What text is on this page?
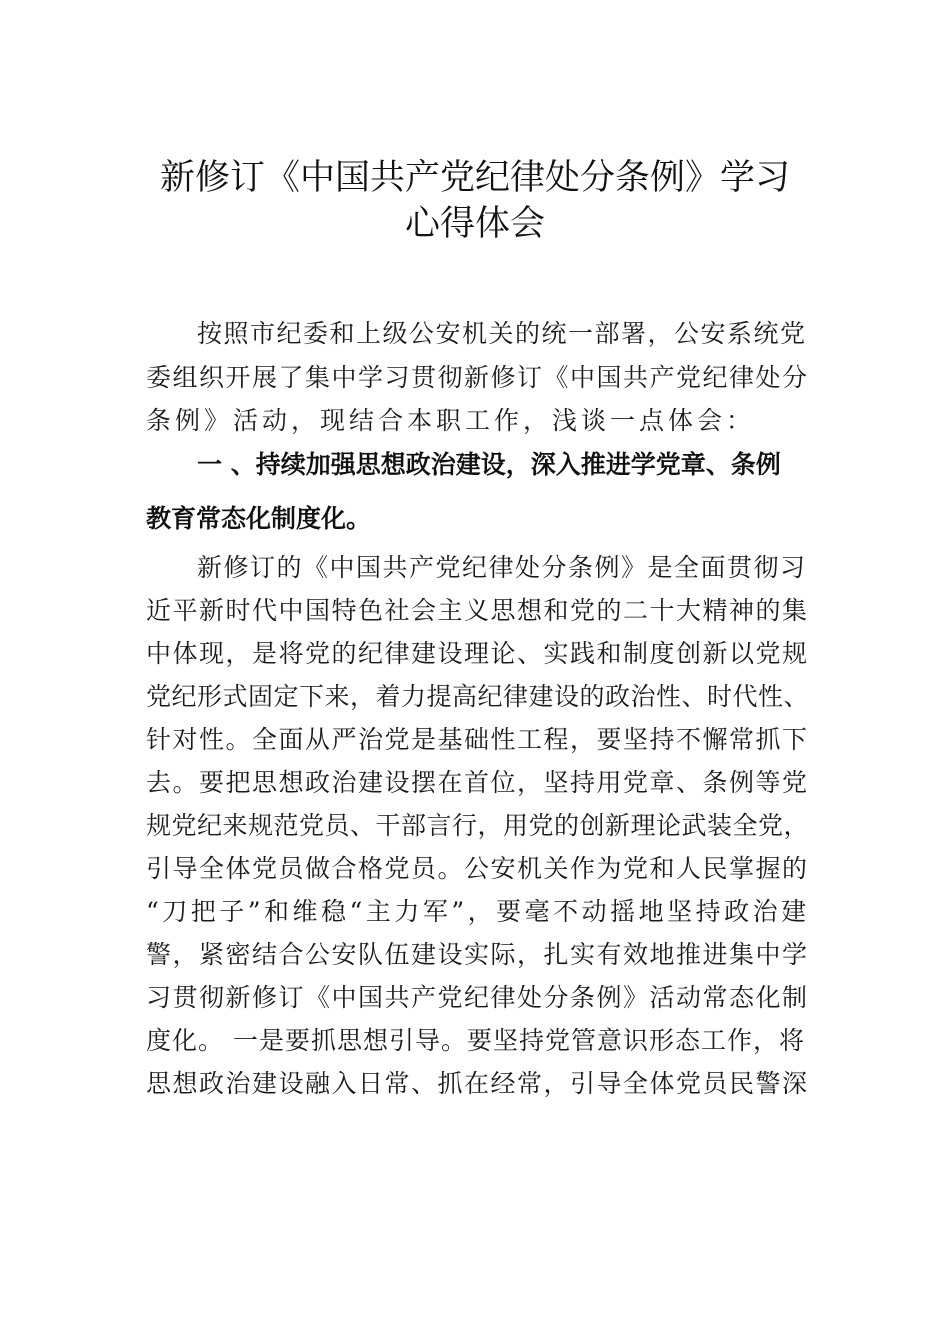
新修订《中国共产党纪律处分条例》学习
心得体会

按照市纪委和上级公安机关的统一部署，公安系统党

委组织开展了集中学习贯彻新修订《中国共产党纪律处分

条例》活动，现结合本职工作，浅谈一点体会：

一 、持续加强思想政治建设，深入推进学党章、条例

教育常态化制度化。

新修订的《中国共产党纪律处分条例》是全面贯彻习

近平新时代中国特色社会主义思想和党的二十大精神的集

中体现，是将党的纪律建设理论、实践和制度创新以党规

党纪形式固定下来，着力提高纪律建设的政治性、时代性、

针对性。全面从严治党是基础性工程，要坚持不懈常抓下

去。要把思想政治建设摆在首位，坚持用党章、条例等党

规党纪来规范党员、干部言行，用党的创新理论武装全党，

引导全体党员做合格党员。公安机关作为党和人民掌握的

“刀把子”和维稳“主力军”，要毫不动摇地坚持政治建

警，紧密结合公安队伍建设实际，扎实有效地推进集中学

习贯彻新修订《中国共产党纪律处分条例》活动常态化制

度化。 一是要抓思想引导。要坚持党管意识形态工作，将

思想政治建设融入日常、抓在经常，引导全体党员民警深
